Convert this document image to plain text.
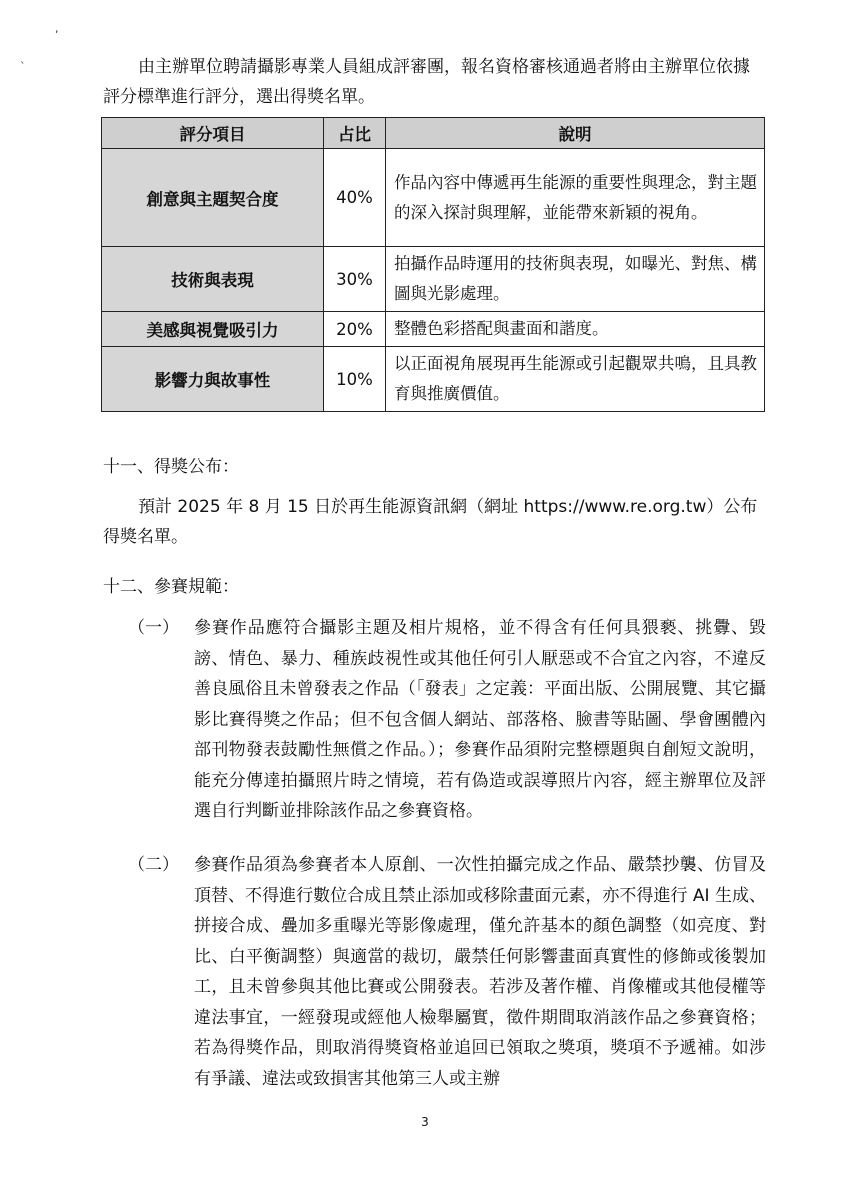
,
`	由主辦單位聘請攝影專業人員組成評審團，報名資格審核通過者將由主辦單位依據評分標準進行評分，選出得獎名單。

評分項目	占比	說明
創意與主題契合度	40%	作品內容中傳遞再生能源的重要性與理念，對主題的深入探討與理解，並能帶來新穎的視角。
技術與表現	30%	拍攝作品時運用的技術與表現，如曝光、對焦、構圖與光影處理。
美感與視覺吸引力	20%	整體色彩搭配與畫面和諧度。
影響力與故事性	10%	以正面視角展現再生能源或引起觀眾共鳴，且具教育與推廣價值。
十一、得獎公布：

預計 2025 年 8 月 15 日於再生能源資訊網（網址 https://www.re.org.tw）公布得獎名單。

十二、參賽規範：
（一） 參賽作品應符合攝影主題及相片規格，並不得含有任何具猥褻、挑釁、毀謗、情色、暴力、種族歧視性或其他任何引人厭惡或不合宜之內容，不違反善良風俗且未曾發表之作品（「發表」之定義：平面出版、公開展覽、其它攝影比賽得獎之作品；但不包含個人網站、部落格、臉書等貼圖、學會團體內部刊物發表鼓勵性無償之作品。）；參賽作品須附完整標題與自創短文說明，能充分傳達拍攝照片時之情境，若有偽造或誤導照片內容，經主辦單位及評選自行判斷並排除該作品之參賽資格。

（二） 參賽作品須為參賽者本人原創、一次性拍攝完成之作品、嚴禁抄襲、仿冒及頂替、不得進行數位合成且禁止添加或移除畫面元素，亦不得進行 AI 生成、拼接合成、疊加多重曝光等影像處理，僅允許基本的顏色調整（如亮度、對比、白平衡調整）與適當的裁切，嚴禁任何影響畫面真實性的修飾或後製加工，且未曾參與其他比賽或公開發表。若涉及著作權、肖像權或其他侵權等違法事宜，一經發現或經他人檢舉屬實，徵件期間取消該作品之參賽資格；若為得獎作品，則取消得獎資格並追回已領取之獎項，獎項不予遞補。如涉有爭議、違法或致損害其他第三人或主辦

3
